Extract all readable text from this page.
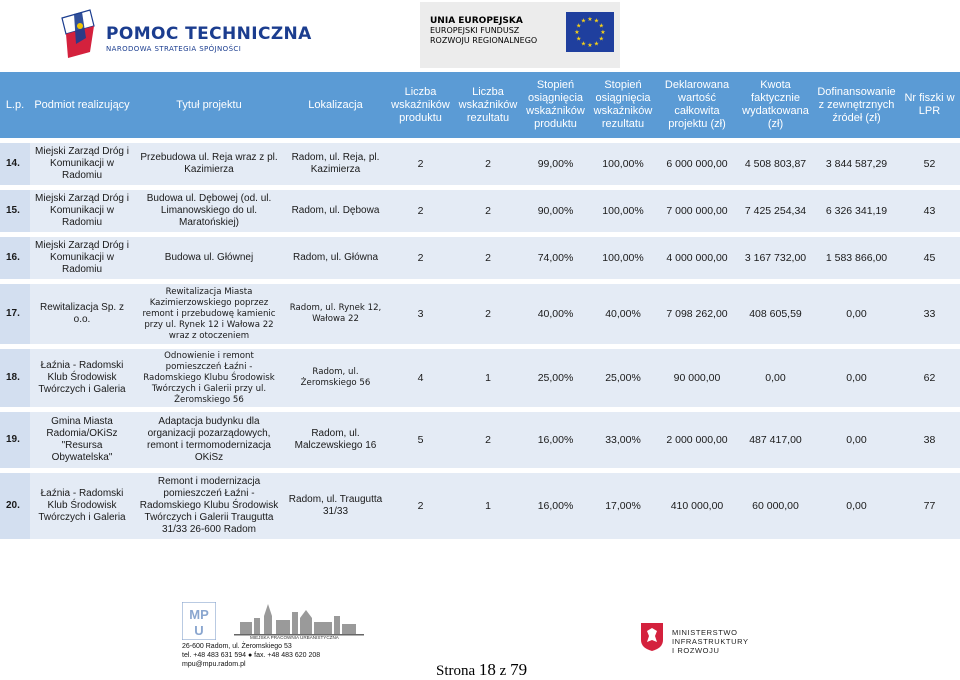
POMOC TECHNICZNA
NARODOWA STRATEGIA SPÓJNOŚCI
UNIA EUROPEJSKA
EUROPEJSKI FUNDUSZ
ROZWOJU REGIONALNEGO
★ ★
★
★
★
★
★
★
★
★
★
★
L.p.	Podmiot realizujący	Tytuł projektu	Lokalizacja	Liczba wskaźników produktu	Liczba wskaźników rezultatu	Stopień osiągnięcia wskaźników produktu	Stopień osiągnięcia wskaźników rezultatu	Deklarowana wartość całkowita projektu (zł)	Kwota faktycznie wydatkowana (zł)	Dofinansowanie z zewnętrznych źródeł (zł)	Nr fiszki w LPR

14.	Miejski Zarząd Dróg i Komunikacji w Radomiu	Przebudowa ul. Reja wraz z pl. Kazimierza	Radom, ul. Reja, pl. Kazimierza	2	2	99,00%	100,00%	6 000 000,00	4 508 803,87	3 844 587,29	52

15.	Miejski Zarząd Dróg i Komunikacji w Radomiu	Budowa ul. Dębowej (od. ul. Limanowskiego do ul. Maratońskiej)	Radom, ul. Dębowa	2	2	90,00%	100,00%	7 000 000,00	7 425 254,34	6 326 341,19	43

16.	Miejski Zarząd Dróg i Komunikacji w Radomiu	Budowa ul. Głównej	Radom, ul. Główna	2	2	74,00%	100,00%	4 000 000,00	3 167 732,00	1 583 866,00	45

17.	Rewitalizacja Sp. z o.o.	Rewitalizacja Miasta Kazimierzowskiego poprzez remont i przebudowę kamienic przy ul. Rynek 12 i Wałowa 22 wraz z otoczeniem	Radom, ul. Rynek 12, Wałowa 22	3	2	40,00%	40,00%	7 098 262,00	408 605,59	0,00	33

18.	Łaźnia - Radomski Klub Środowisk Twórczych i Galeria	Odnowienie i remont pomieszczeń Łaźni - Radomskiego Klubu Środowisk Twórczych i Galerii przy ul. Żeromskiego 56	Radom, ul. Żeromskiego 56	4	1	25,00%	25,00%	90 000,00	0,00	0,00	62

19.	Gmina Miasta Radomia/OKiSz "Resursa Obywatelska"	Adaptacja budynku dla organizacji pozarządowych, remont i termomodernizacja OKiSz	Radom, ul. Malczewskiego 16	5	2	16,00%	33,00%	2 000 000,00	487 417,00	0,00	38

20.	Łaźnia - Radomski Klub Środowisk Twórczych i Galeria	Remont i modernizacja pomieszczeń Łaźni - Radomskiego Klubu Środowisk Twórczych i Galerii Traugutta 31/33 26-600 Radom	Radom, ul. Traugutta 31/33	2	1	16,00%	17,00%	410 000,00	60 000,00	0,00	77
MP
U	MIEJSKA PRACOWNIA URBANISTYCZNA
26-600 Radom, ul. Żeromskiego 53
tel. +48 483 631 594 ● fax. +48 483 620 208
mpu@mpu.radom.pl	Strona 18 z 79
MINISTERSTWO
INFRASTRUKTURY
I ROZWOJU
